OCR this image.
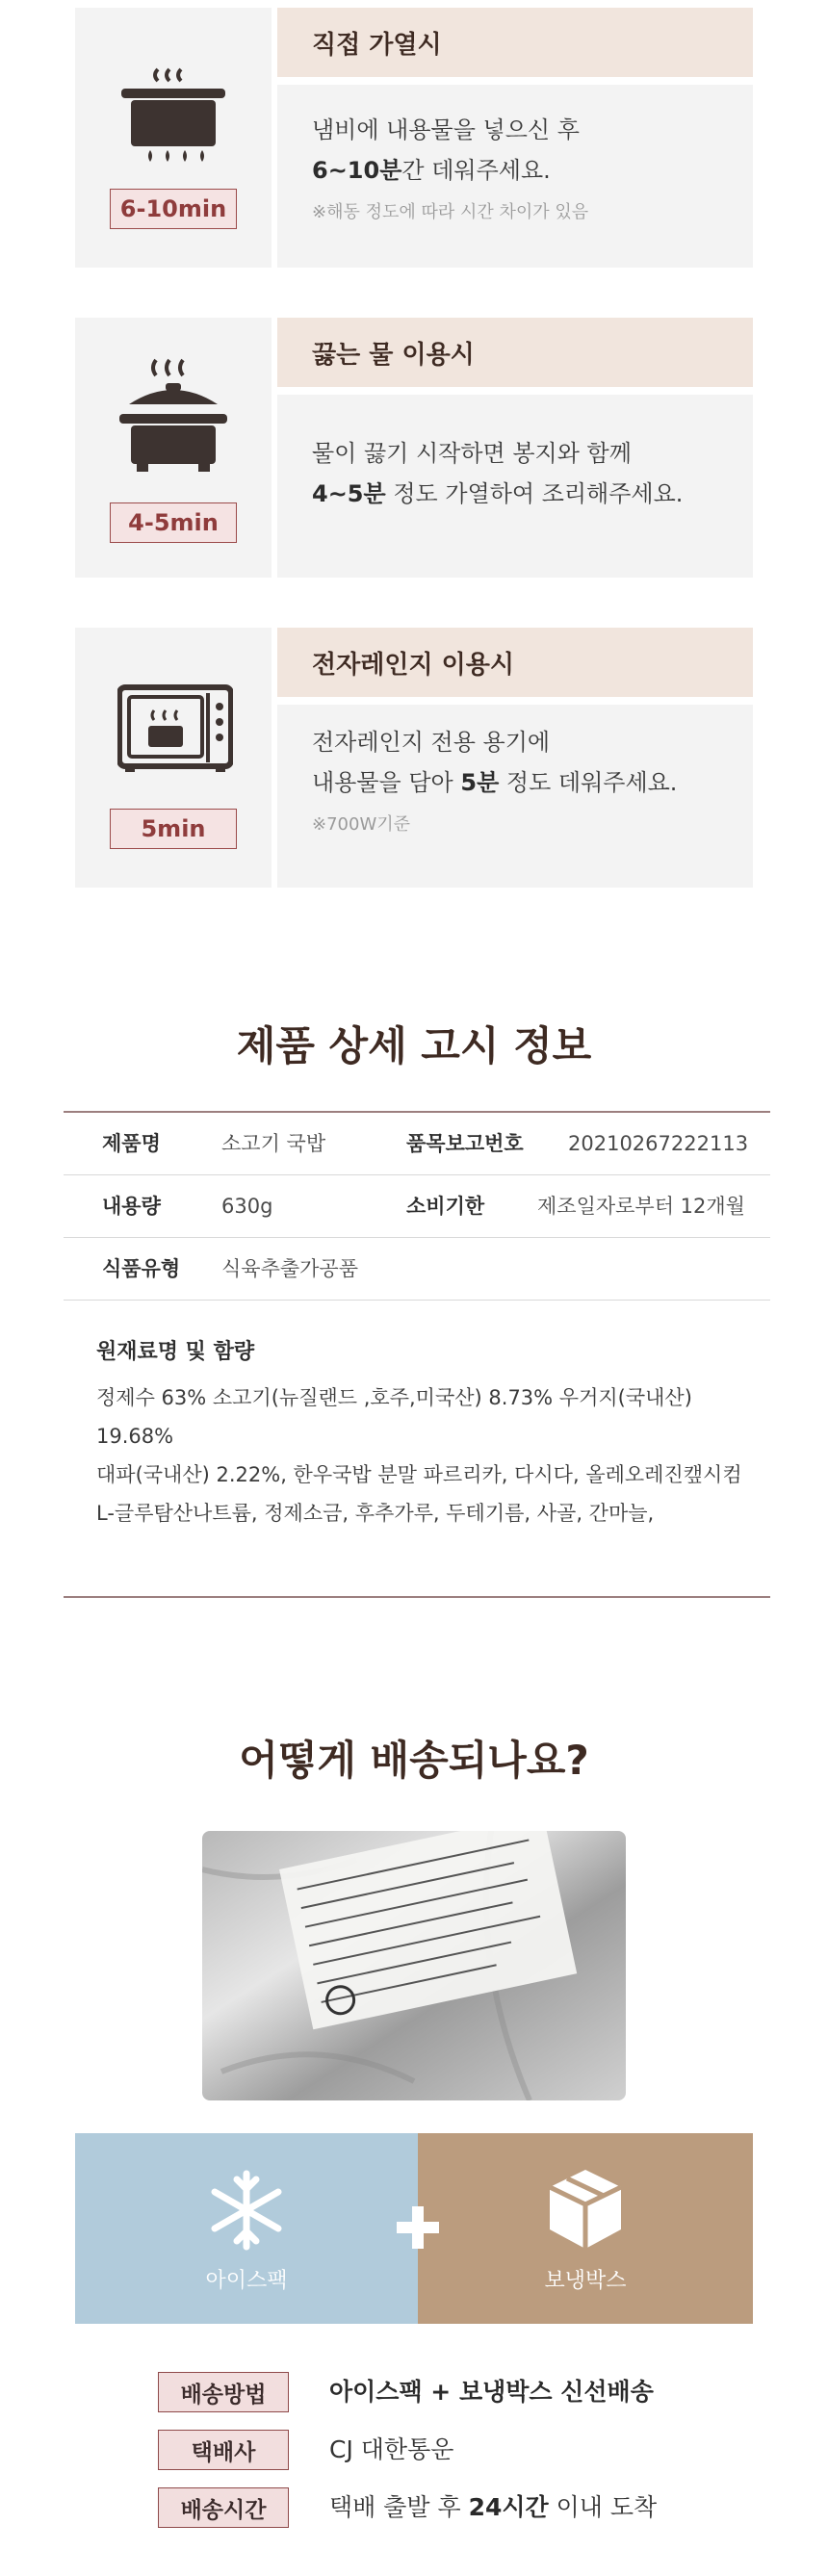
6-10min
직접 가열시
냄비에 내용물을 넣으신 후
6~10분간 데워주세요.
※해동 정도에 따라 시간 차이가 있음
4-5min
끓는 물 이용시
물이 끓기 시작하면 봉지와 함께
4~5분 정도 가열하여 조리해주세요.
5min
전자레인지 이용시
전자레인지 전용 용기에
내용물을 담아 5분 정도 데워주세요.
※700W기준
제품 상세 고시 정보
제품명	소고기 국밥	품목보고번호 20210267222113
내용량	630g	소비기한	제조일자로부터 12개월
식품유형 식육추출가공품
원재료명 및 함량
정제수 63% 소고기(뉴질랜드 ,호주,미국산) 8.73% 우거지(국내산) 19.68%
대파(국내산) 2.22%, 한우국밥 분말 파르리카, 다시다, 올레오레진캪시컴
L-글루탐산나트륨, 정제소금, 후추가루, 두테기름, 사골, 간마늘,
어떻게 배송되나요?
아이스팩	보냉박스
배송방법	아이스팩 + 보냉박스 신선배송
택배사	CJ 대한통운
배송시간	택배 출발 후 24시간 이내 도착
